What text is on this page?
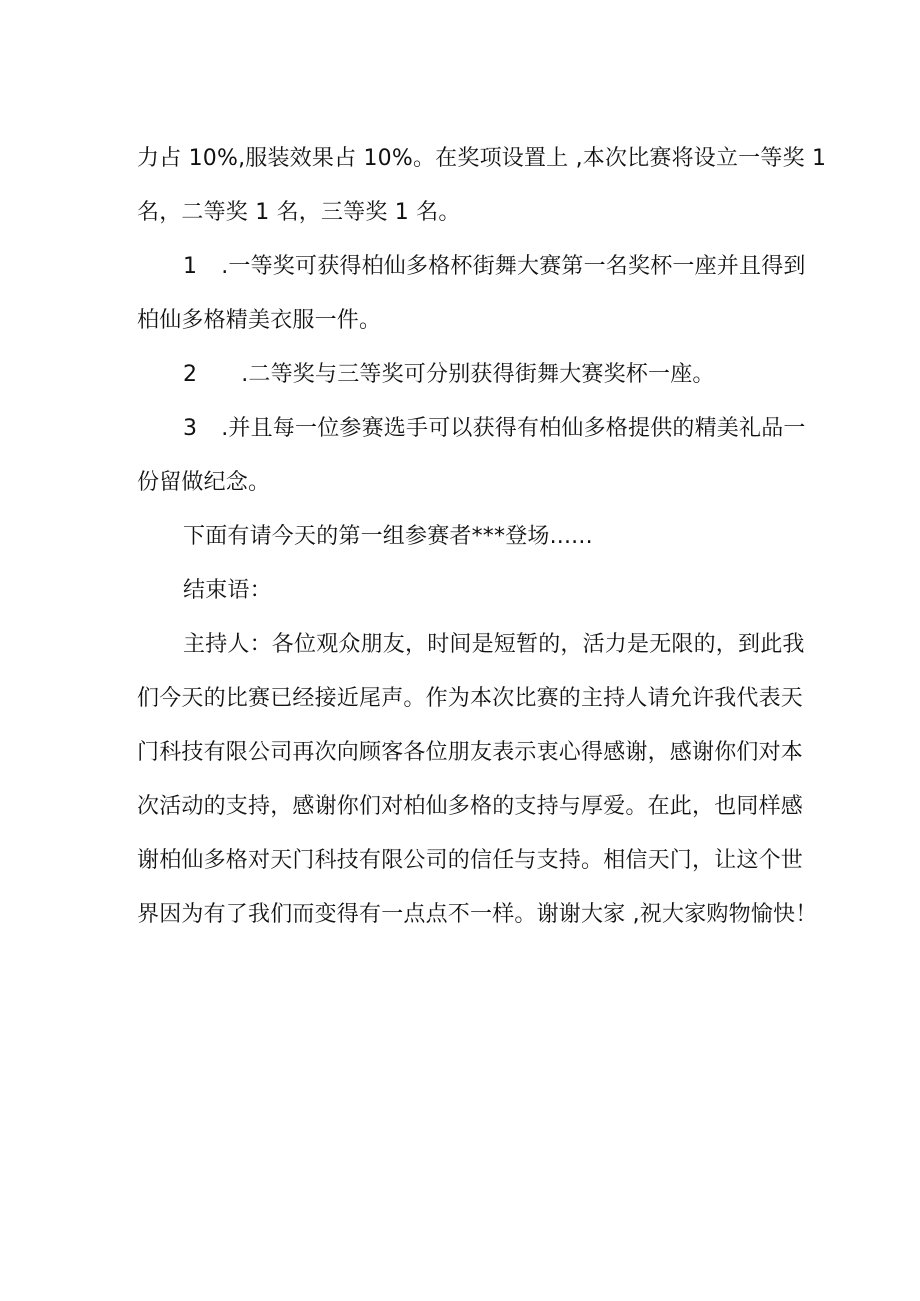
力占 10%,服装效果占 10%。在奖项设置上 ,本次比赛将设立一等奖 1
名，二等奖 1 名，三等奖 1 名。
1 .一等奖可获得柏仙多格杯街舞大赛第一名奖杯一座并且得到
柏仙多格精美衣服一件。
2 .二等奖与三等奖可分别获得街舞大赛奖杯一座。
3 .并且每一位参赛选手可以获得有柏仙多格提供的精美礼品一
份留做纪念。
下面有请今天的第一组参赛者***登场......
结束语：
主持人：各位观众朋友，时间是短暂的，活力是无限的，到此我
们今天的比赛已经接近尾声。作为本次比赛的主持人请允许我代表天
门科技有限公司再次向顾客各位朋友表示衷心得感谢，感谢你们对本
次活动的支持，感谢你们对柏仙多格的支持与厚爱。在此，也同样感
谢柏仙多格对天门科技有限公司的信任与支持。相信天门，让这个世
界因为有了我们而变得有一点点不一样。谢谢大家 ,祝大家购物愉快！
